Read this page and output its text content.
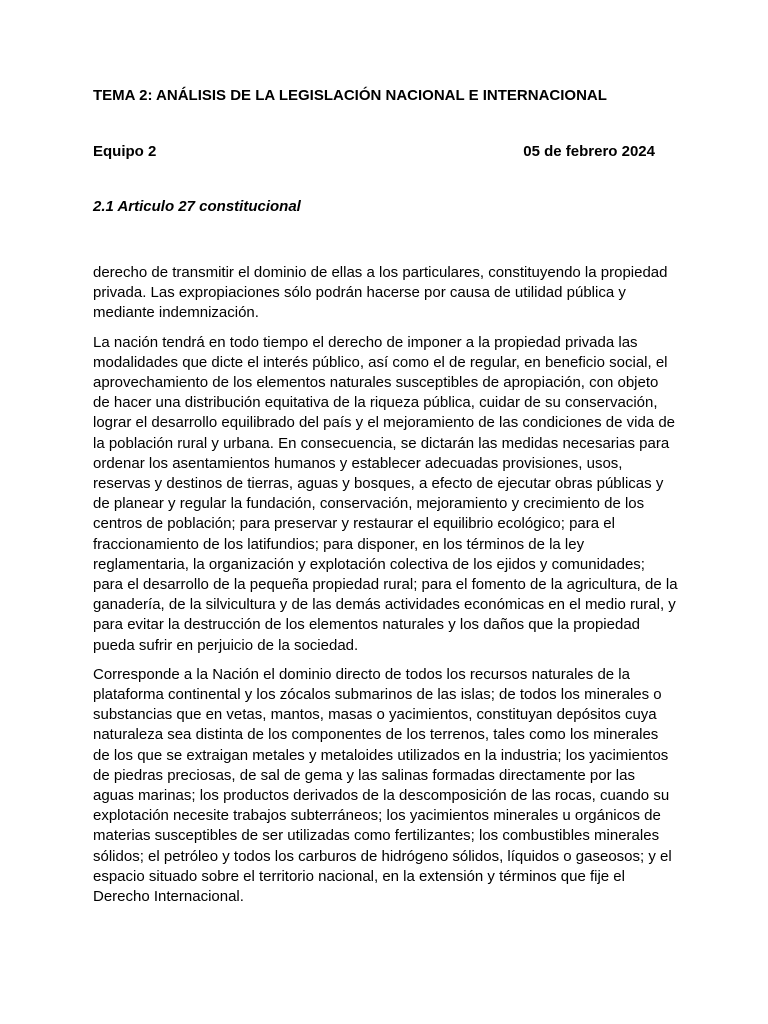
TEMA 2: ANÁLISIS DE LA LEGISLACIÓN NACIONAL E INTERNACIONAL
Equipo 2	05 de febrero 2024
2.1 Articulo 27 constitucional

derecho de transmitir el dominio de ellas a los particulares, constituyendo la propiedad privada. Las expropiaciones sólo podrán hacerse por causa de utilidad pública y mediante indemnización.

La nación tendrá en todo tiempo el derecho de imponer a la propiedad privada las modalidades que dicte el interés público, así como el de regular, en beneficio social, el aprovechamiento de los elementos naturales susceptibles de apropiación, con objeto de hacer una distribución equitativa de la riqueza pública, cuidar de su conservación, lograr el desarrollo equilibrado del país y el mejoramiento de las condiciones de vida de la población rural y urbana. En consecuencia, se dictarán las medidas necesarias para ordenar los asentamientos humanos y establecer adecuadas provisiones, usos, reservas y destinos de tierras, aguas y bosques, a efecto de ejecutar obras públicas y de planear y regular la fundación, conservación, mejoramiento y crecimiento de los centros de población; para preservar y restaurar el equilibrio ecológico; para el fraccionamiento de los latifundios; para disponer, en los términos de la ley reglamentaria, la organización y explotación colectiva de los ejidos y comunidades; para el desarrollo de la pequeña propiedad rural; para el fomento de la agricultura, de la ganadería, de la silvicultura y de las demás actividades económicas en el medio rural, y para evitar la destrucción de los elementos naturales y los daños que la propiedad pueda sufrir en perjuicio de la sociedad.

Corresponde a la Nación el dominio directo de todos los recursos naturales de la plataforma continental y los zócalos submarinos de las islas; de todos los minerales o substancias que en vetas, mantos, masas o yacimientos, constituyan depósitos cuya naturaleza sea distinta de los componentes de los terrenos, tales como los minerales de los que se extraigan metales y metaloides utilizados en la industria; los yacimientos de piedras preciosas, de sal de gema y las salinas formadas directamente por las aguas marinas; los productos derivados de la descomposición de las rocas, cuando su explotación necesite trabajos subterráneos; los yacimientos minerales u orgánicos de materias susceptibles de ser utilizadas como fertilizantes; los combustibles minerales sólidos; el petróleo y todos los carburos de hidrógeno sólidos, líquidos o gaseosos; y el espacio situado sobre el territorio nacional, en la extensión y términos que fije el Derecho Internacional.
